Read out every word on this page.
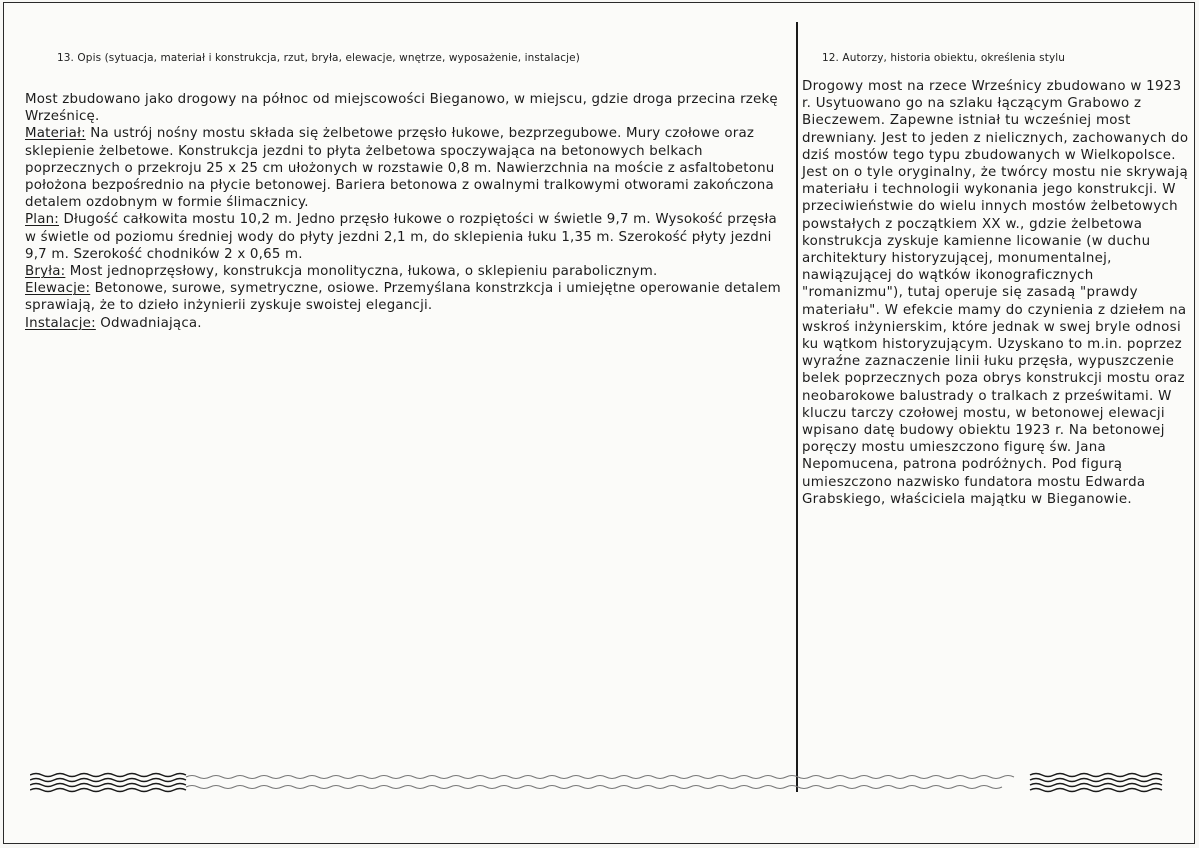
13. Opis (sytuacja, materiał i konstrukcja, rzut, bryła, elewacje, wnętrze, wyposażenie, instalacje)	12. Autorzy, historia obiektu, określenia stylu

Most zbudowano jako drogowy na północ od miejscowości Bieganowo, w miejscu, gdzie droga przecina rzekę Wrześnicę.

Materiał: Na ustrój nośny mostu składa się żelbetowe przęsło łukowe, bezprzegubowe. Mury czołowe oraz sklepienie żelbetowe. Konstrukcja jezdni to płyta żelbetowa spoczywająca na betonowych belkach poprzecznych o przekroju 25 x 25 cm ułożonych w rozstawie 0,8 m. Nawierzchnia na moście z asfaltobetonu położona bezpośrednio na płycie betonowej. Bariera betonowa z owalnymi tralkowymi otworami zakończona detalem ozdobnym w formie ślimacznicy.

Plan: Długość całkowita mostu 10,2 m. Jedno przęsło łukowe o rozpiętości w świetle 9,7 m. Wysokość przęsła w świetle od poziomu średniej wody do płyty jezdni 2,1 m, do sklepienia łuku 1,35 m. Szerokość płyty jezdni 9,7 m. Szerokość chodników 2 x 0,65 m.

Bryła: Most jednoprzęsłowy, konstrukcja monolityczna, łukowa, o sklepieniu parabolicznym.

Elewacje: Betonowe, surowe, symetryczne, osiowe. Przemyślana konstrzkcja i umiejętne operowanie detalem sprawiają, że to dzieło inżynierii zyskuje swoistej elegancji.

Instalacje: Odwadniająca.

Drogowy most na rzece Wrześnicy zbudowano w 1923 r. Usytuowano go na szlaku łączącym Grabowo z Bieczewem. Zapewne istniał tu wcześniej most drewniany. Jest to jeden z nielicznych, zachowanych do dziś mostów tego typu zbudowanych w Wielkopolsce. Jest on o tyle oryginalny, że twórcy mostu nie skrywają materiału i technologii wykonania jego konstrukcji. W przeciwieństwie do wielu innych mostów żelbetowych powstałych z początkiem XX w., gdzie żelbetowa konstrukcja zyskuje kamienne licowanie (w duchu architektury historyzującej, monumentalnej, nawiązującej do wątków ikonograficznych "romanizmu"), tutaj operuje się zasadą "prawdy materiału". W efekcie mamy do czynienia z dziełem na wskroś inżynierskim, które jednak w swej bryle odnosi ku wątkom historyzującym. Uzyskano to m.in. poprzez wyraźne zaznaczenie linii łuku przęsła, wypuszczenie belek poprzecznych poza obrys konstrukcji mostu oraz neobarokowe balustrady o tralkach z prześwitami. W kluczu tarczy czołowej mostu, w betonowej elewacji wpisano datę budowy obiektu 1923 r. Na betonowej poręczy mostu umieszczono figurę św. Jana Nepomucena, patrona podróżnych. Pod figurą umieszczono nazwisko fundatora mostu Edwarda Grabskiego, właściciela majątku w Bieganowie.
